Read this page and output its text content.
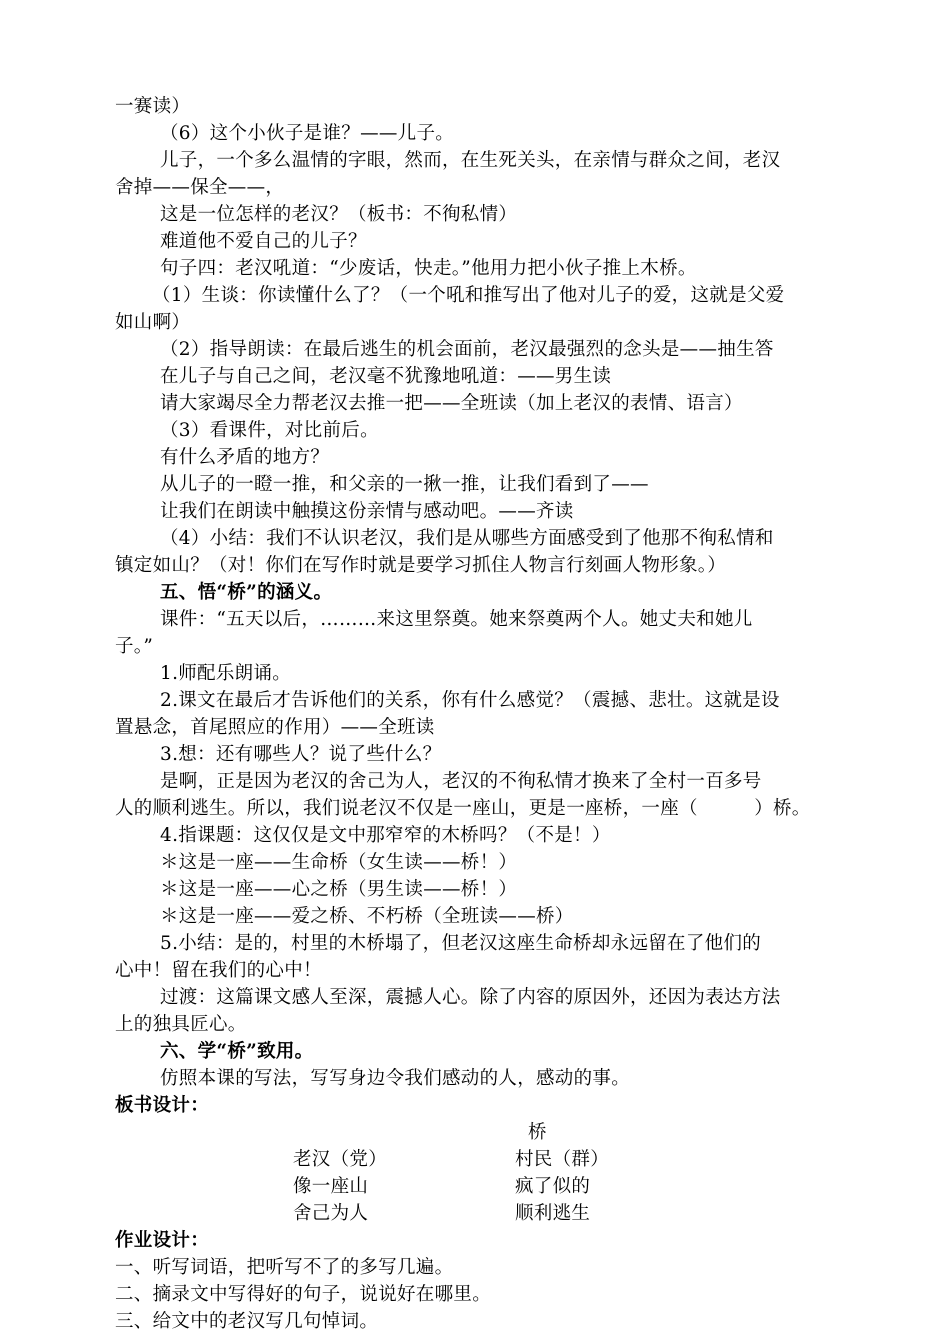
一赛读）
（6）这个小伙子是谁？——儿子。
儿子，一个多么温情的字眼，然而，在生死关头，在亲情与群众之间，老汉
舍掉——保全——，
这是一位怎样的老汉？（板书：不徇私情）
难道他不爱自己的儿子？
句子四：老汉吼道：“少废话，快走。”他用力把小伙子推上木桥。
（1）生谈：你读懂什么了？（一个吼和推写出了他对儿子的爱，这就是父爱
如山啊）
（2）指导朗读：在最后逃生的机会面前，老汉最强烈的念头是——抽生答
在儿子与自己之间，老汉毫不犹豫地吼道：——男生读
请大家竭尽全力帮老汉去推一把——全班读（加上老汉的表情、语言）
（3）看课件，对比前后。
有什么矛盾的地方？
从儿子的一瞪一推，和父亲的一揪一推，让我们看到了——
让我们在朗读中触摸这份亲情与感动吧。——齐读
（4）小结：我们不认识老汉，我们是从哪些方面感受到了他那不徇私情和
镇定如山？（对！你们在写作时就是要学习抓住人物言行刻画人物形象。）
五、悟“桥”的涵义。
课件：“五天以后，………来这里祭奠。她来祭奠两个人。她丈夫和她儿
子。”
1.师配乐朗诵。
2.课文在最后才告诉他们的关系，你有什么感觉？（震撼、悲壮。这就是设
置悬念，首尾照应的作用）——全班读
3.想：还有哪些人？说了些什么？
是啊，正是因为老汉的舍己为人，老汉的不徇私情才换来了全村一百多号
人的顺利逃生。所以，我们说老汉不仅是一座山，更是一座桥，一座（　　　）桥。
4.指课题：这仅仅是文中那窄窄的木桥吗？（不是！）
＊这是一座——生命桥（女生读——桥！）
＊这是一座——心之桥（男生读——桥！）
＊这是一座——爱之桥、不朽桥（全班读——桥）
5.小结：是的，村里的木桥塌了，但老汉这座生命桥却永远留在了他们的
心中！留在我们的心中！
过渡：这篇课文感人至深，震撼人心。除了内容的原因外，还因为表达方法
上的独具匠心。
六、学“桥”致用。
仿照本课的写法，写写身边令我们感动的人，感动的事。
板书设计：
桥
老汉（党）	村民（群）
像一座山	疯了似的
舍己为人	顺利逃生
作业设计：
一、听写词语，把听写不了的多写几遍。
二、摘录文中写得好的句子，说说好在哪里。
三、给文中的老汉写几句悼词。
